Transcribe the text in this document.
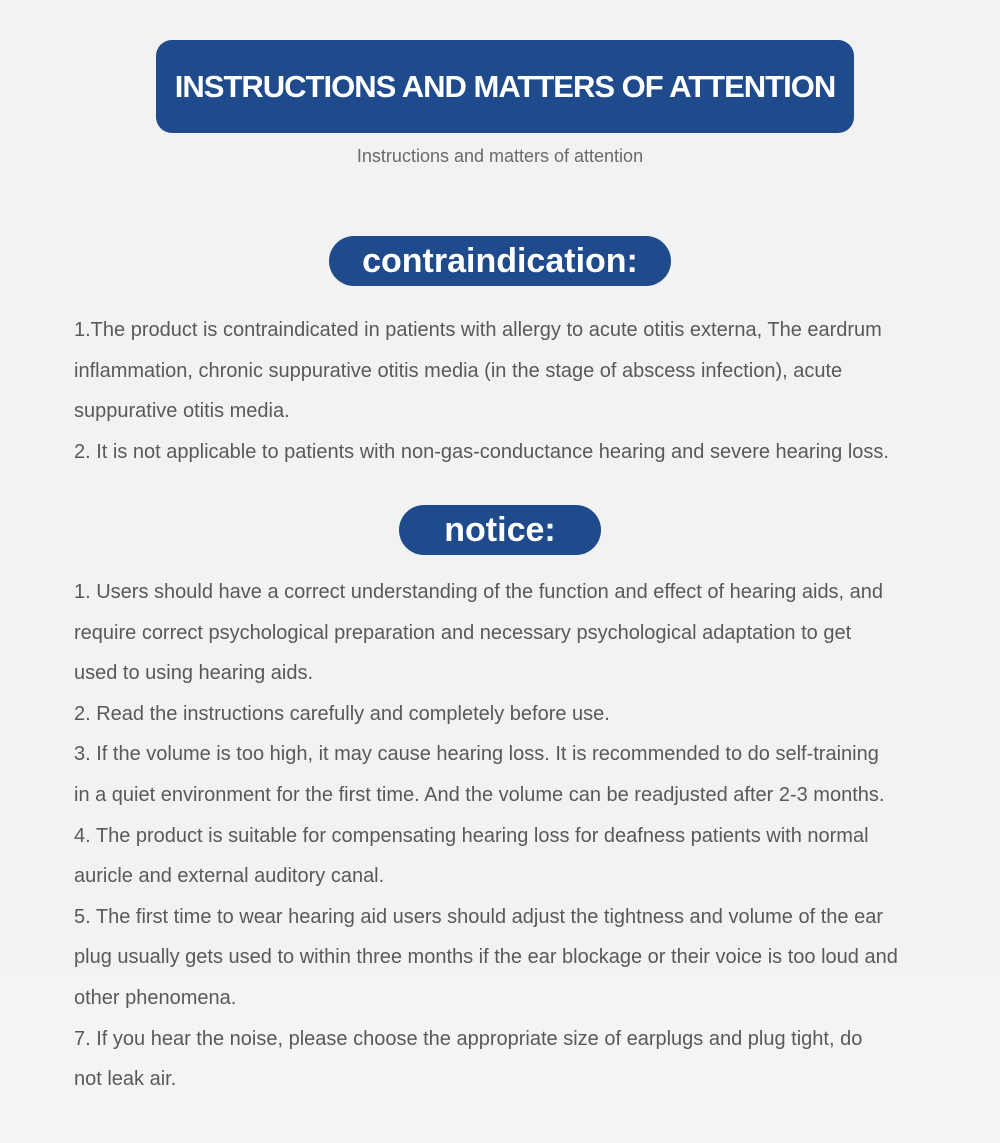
INSTRUCTIONS AND MATTERS OF ATTENTION
Instructions and matters of attention
contraindication:
1.The product is contraindicated in patients with allergy to acute otitis externa, The eardrum
inflammation, chronic suppurative otitis media (in the stage of abscess infection), acute
suppurative otitis media.
2. It is not applicable to patients with non-gas-conductance hearing and severe hearing loss.
notice:
1. Users should have a correct understanding of the function and effect of hearing aids, and
require correct psychological preparation and necessary psychological adaptation to get
used to using hearing aids.
2. Read the instructions carefully and completely before use.
3. If the volume is too high, it may cause hearing loss. It is recommended to do self-training
in a quiet environment for the first time. And the volume can be readjusted after 2-3 months.
4. The product is suitable for compensating hearing loss for deafness patients with normal
auricle and external auditory canal.
5. The first time to wear hearing aid users should adjust the tightness and volume of the ear
plug usually gets used to within three months if the ear blockage or their voice is too loud and
other phenomena.
7. If you hear the noise, please choose the appropriate size of earplugs and plug tight, do
not leak air.
